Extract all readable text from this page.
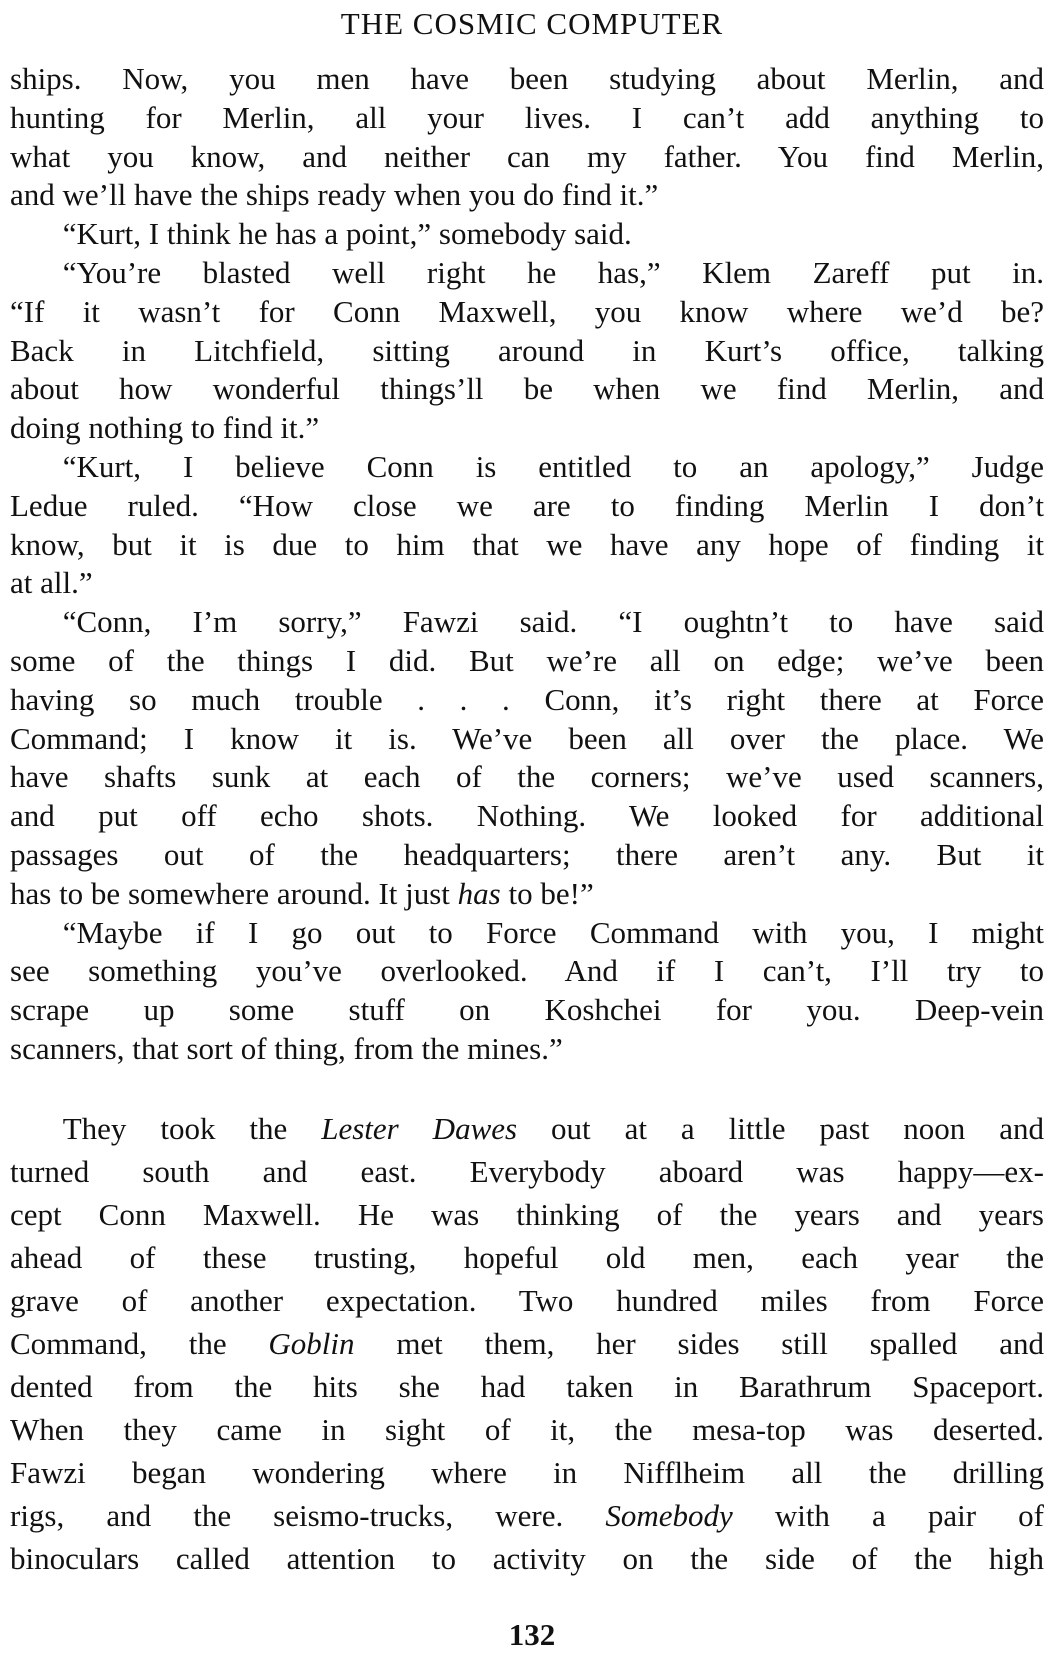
THE COSMIC COMPUTER
ships. Now, you men have been studying about Merlin, and
hunting for Merlin, all your lives. I can’t add anything to
what you know, and neither can my father. You find Merlin,
and we’ll have the ships ready when you do find it.”
“Kurt, I think he has a point,” somebody said.
“You’re blasted well right he has,” Klem Zareff put in.
“If it wasn’t for Conn Maxwell, you know where we’d be?
Back in Litchfield, sitting around in Kurt’s office, talking
about how wonderful things’ll be when we find Merlin, and
doing nothing to find it.”
“Kurt, I believe Conn is entitled to an apology,” Judge
Ledue ruled. “How close we are to finding Merlin I don’t
know, but it is due to him that we have any hope of finding it
at all.”
“Conn, I’m sorry,” Fawzi said. “I oughtn’t to have said
some of the things I did. But we’re all on edge; we’ve been
having so much trouble . . . Conn, it’s right there at Force
Command; I know it is. We’ve been all over the place. We
have shafts sunk at each of the corners; we’ve used scanners,
and put off echo shots. Nothing. We looked for additional
passages out of the headquarters; there aren’t any. But it
has to be somewhere around. It just has to be!”
“Maybe if I go out to Force Command with you, I might
see something you’ve overlooked. And if I can’t, I’ll try to
scrape up some stuff on Koshchei for you. Deep-vein
scanners, that sort of thing, from the mines.”
They took the Lester Dawes out at a little past noon and
turned south and east. Everybody aboard was happy—ex-
cept Conn Maxwell. He was thinking of the years and years
ahead of these trusting, hopeful old men, each year the
grave of another expectation. Two hundred miles from Force
Command, the Goblin met them, her sides still spalled and
dented from the hits she had taken in Barathrum Spaceport.
When they came in sight of it, the mesa-top was deserted.
Fawzi began wondering where in Nifflheim all the drilling
rigs, and the seismo-trucks, were. Somebody with a pair of
binoculars called attention to activity on the side of the high
132
